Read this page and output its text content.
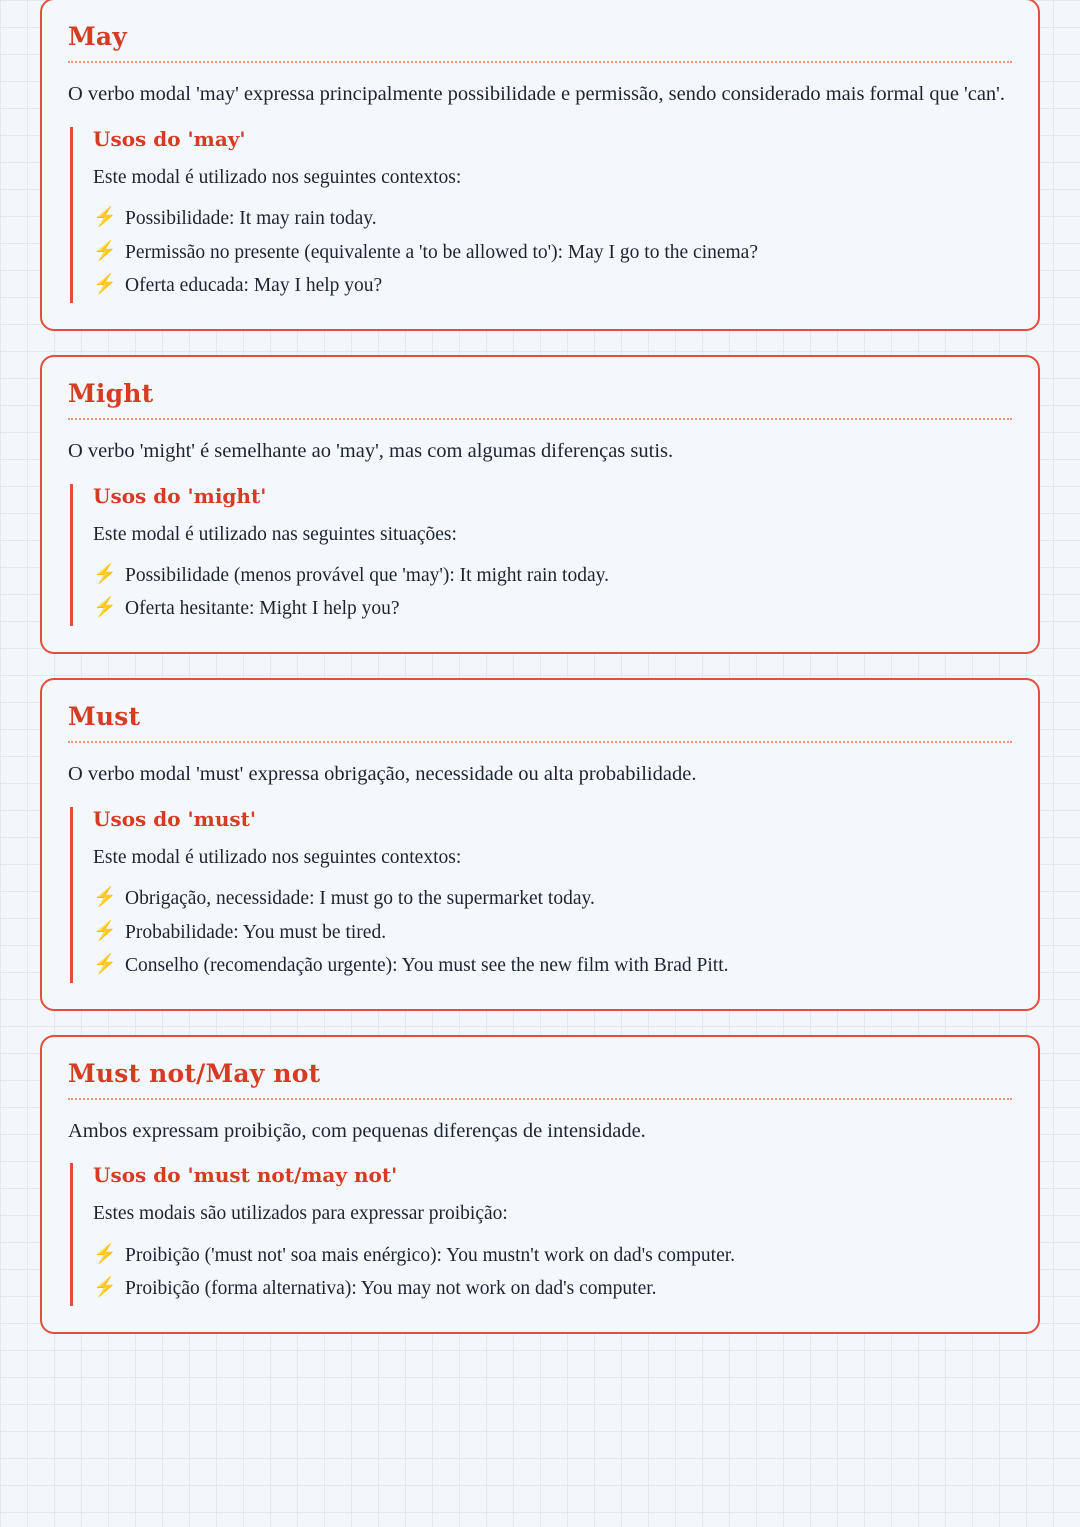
May

O verbo modal 'may' expressa principalmente possibilidade e permissão, sendo considerado mais formal que 'can'.

Usos do 'may'

Este modal é utilizado nos seguintes contextos:

⚡ Possibilidade: It may rain today.
⚡ Permissão no presente (equivalente a 'to be allowed to'): May I go to the cinema?
⚡ Oferta educada: May I help you?
Might

O verbo 'might' é semelhante ao 'may', mas com algumas diferenças sutis.

Usos do 'might'

Este modal é utilizado nas seguintes situações:

⚡ Possibilidade (menos provável que 'may'): It might rain today.
⚡ Oferta hesitante: Might I help you?
Must

O verbo modal 'must' expressa obrigação, necessidade ou alta probabilidade.

Usos do 'must'

Este modal é utilizado nos seguintes contextos:

⚡ Obrigação, necessidade: I must go to the supermarket today.
⚡ Probabilidade: You must be tired.
⚡ Conselho (recomendação urgente): You must see the new film with Brad Pitt.
Must not/May not

Ambos expressam proibição, com pequenas diferenças de intensidade.

Usos do 'must not/may not'

Estes modais são utilizados para expressar proibição:

⚡ Proibição ('must not' soa mais enérgico): You mustn't work on dad's computer.
⚡ Proibição (forma alternativa): You may not work on dad's computer.
